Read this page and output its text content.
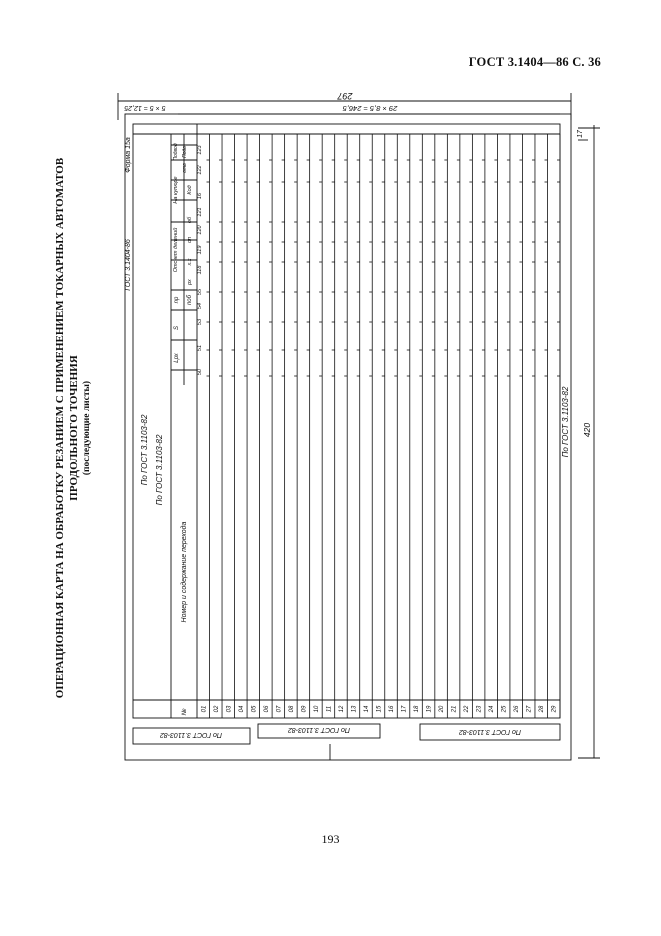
ГОСТ 3.1404—86 С. 36
ОПЕРАЦИОННАЯ КАРТА НА ОБРАБОТКУ РЕЗАНИЕМ С ПРИМЕНЕНИЕМ ТОКАРНЫХ АВТОМАТОВ ПРОДОЛЬНОГО ТОЧЕНИЯ (последующие листы)
01 02 03 04 05 06 07 08 09 10 11 12 13 14 15 16 17 18 19 20 21 22 23 24 25 26 27 28 29
297
29 × 8,5 = 246,5
5 × 5 = 12,25
420
17
Форма 15а
ГОСТ 3.1404-86
По ГОСТ 3.1103-82 По ГОСТ 3.1103-82
По ГОСТ 3.1103-82
Номер и содержание перехода
№
Lрх
S
nр nоб
Отсчет делений
рх
х.х
оп
об
На купюре Код
Подвод
отв
Подв
50
51
53
54
55
118
119
120
121
16
122
123
По ГОСТ 3.1103-82
По ГОСТ 3.1103-82	По ГОСТ 3.1103-82
193
